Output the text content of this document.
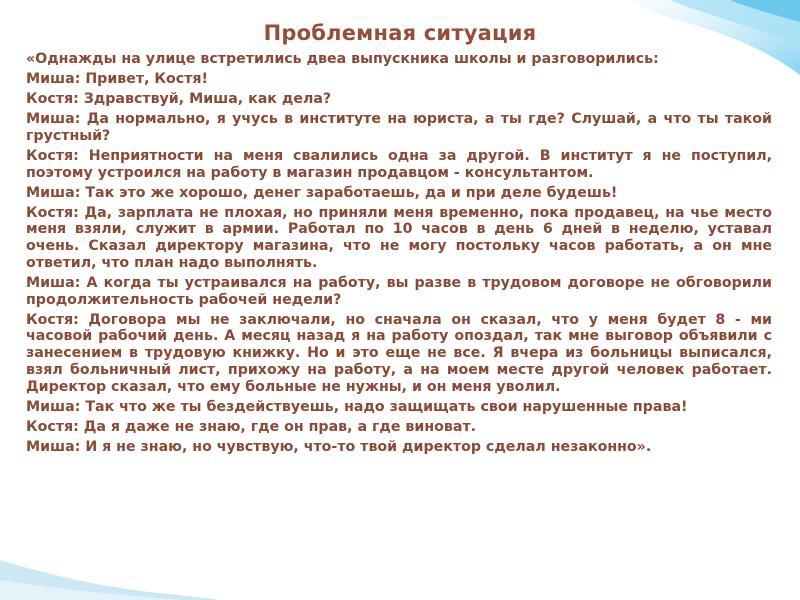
Проблемная ситуация

«Однажды на улице встретились двеа выпускника школы и разговорились:

Миша: Привет, Костя!

Костя: Здравствуй, Миша, как дела?

Миша: Да нормально, я учусь в институте на юриста, а ты где? Слушай, а что ты такой грустный?

Костя: Неприятности на меня свалились одна за другой. В институт я не поступил, поэтому устроился на работу в магазин продавцом - консультантом.

Миша: Так это же хорошо, денег заработаешь, да и при деле будешь!

Костя: Да, зарплата не плохая, но приняли меня временно, пока продавец, на чье место меня взяли, служит в армии. Работал по 10 часов в день 6 дней в неделю, уставал очень. Сказал директору магазина, что не могу постольку часов работать, а он мне ответил, что план надо выполнять.

Миша: А когда ты устраивался на работу, вы разве в трудовом договоре не обговорили продолжительность рабочей недели?

Костя: Договора мы не заключали, но сначала он сказал, что у меня будет 8 - ми часовой рабочий день. А месяц назад я на работу опоздал, так мне выговор объявили с занесением в трудовую книжку. Но и это еще не все. Я вчера из больницы выписался, взял больничный лист, прихожу на работу, а на моем месте другой человек работает. Директор сказал, что ему больные не нужны, и он меня уволил.

Миша: Так что же ты бездействуешь, надо защищать свои нарушенные права!

Костя: Да я даже не знаю, где он прав, а где виноват.

Миша: И я не знаю, но чувствую, что-то твой директор сделал незаконно».
